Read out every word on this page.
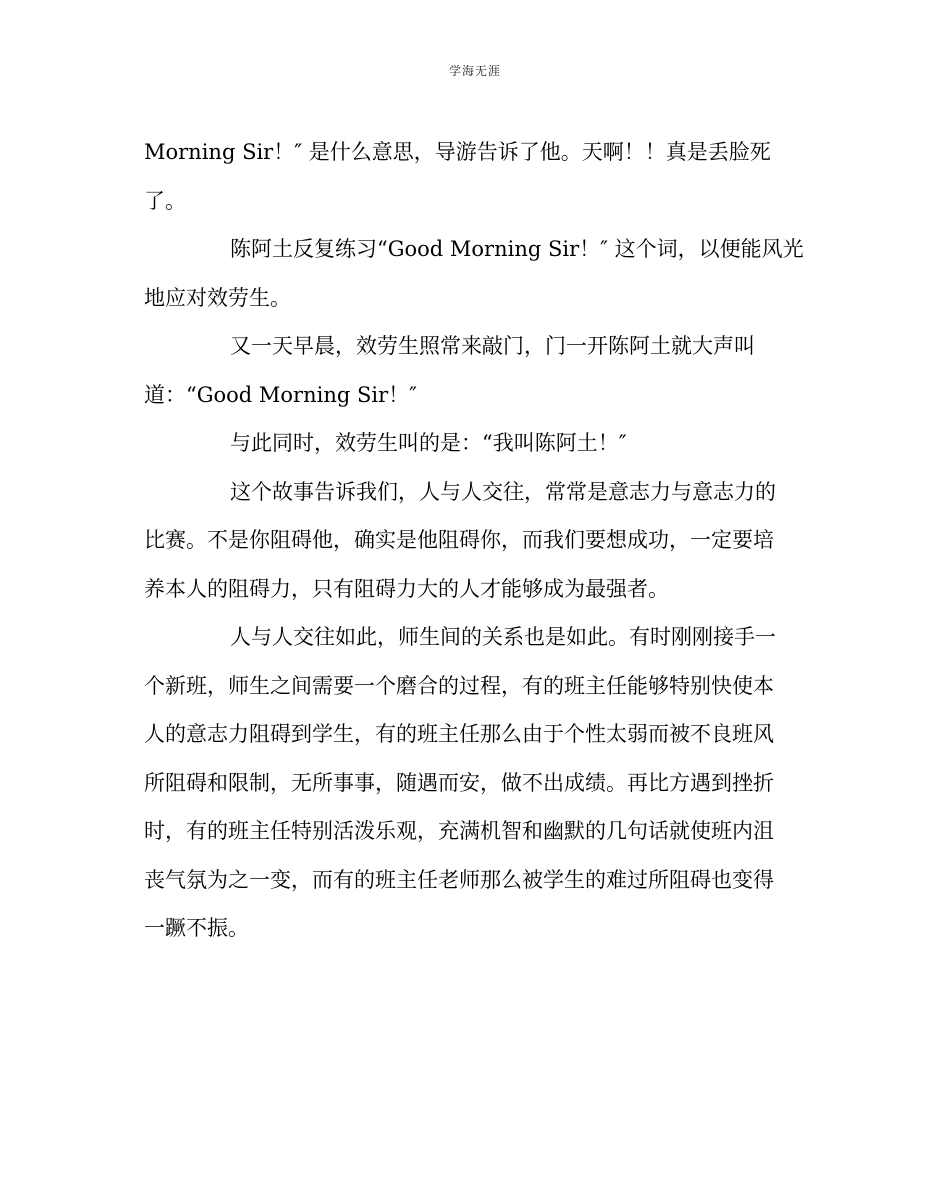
学海无涯
Morning Sir！″ 是什么意思，导游告诉了他。天啊！！真是丢脸死
了。
陈阿土反复练习“Good Morning Sir！″ 这个词，以便能风光
地应对效劳生。
又一天早晨，效劳生照常来敲门，门一开陈阿土就大声叫
道：“Good Morning Sir！″
与此同时，效劳生叫的是：“我叫陈阿土！″
这个故事告诉我们，人与人交往，常常是意志力与意志力的
比赛。不是你阻碍他，确实是他阻碍你，而我们要想成功，一定要培
养本人的阻碍力，只有阻碍力大的人才能够成为最强者。
人与人交往如此，师生间的关系也是如此。有时刚刚接手一
个新班，师生之间需要一个磨合的过程，有的班主任能够特别快使本
人的意志力阻碍到学生，有的班主任那么由于个性太弱而被不良班风
所阻碍和限制，无所事事，随遇而安，做不出成绩。再比方遇到挫折
时，有的班主任特别活泼乐观，充满机智和幽默的几句话就使班内沮
丧气氛为之一变，而有的班主任老师那么被学生的难过所阻碍也变得
一蹶不振。
